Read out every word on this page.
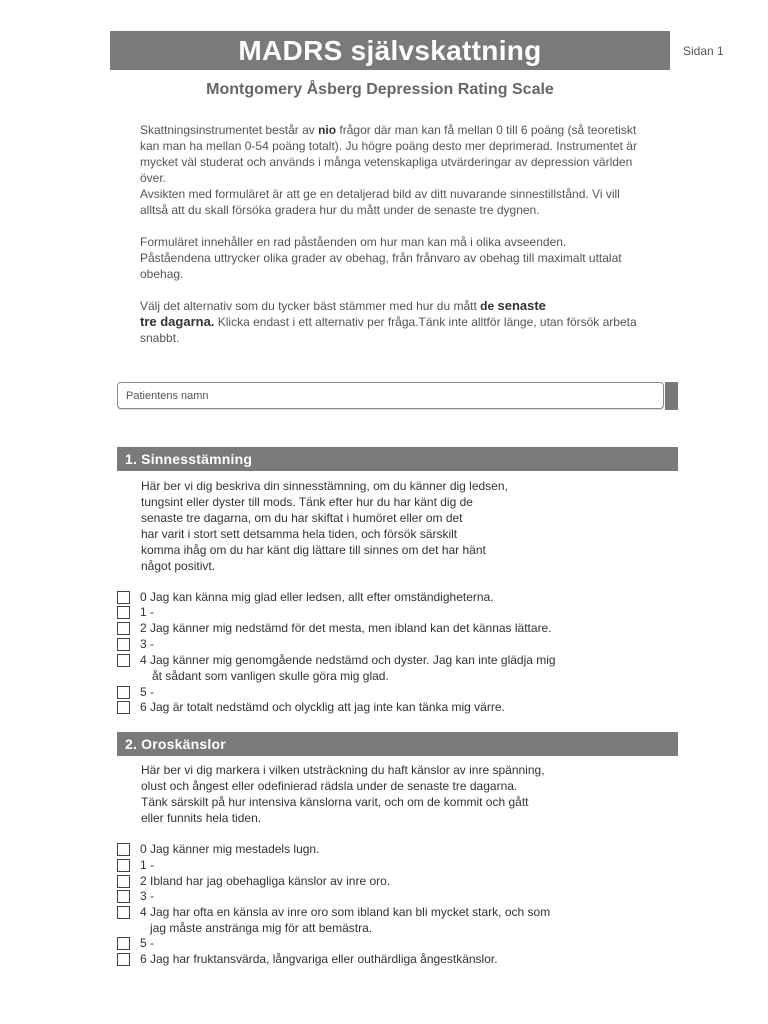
MADRS självskattning	Sidan 1
Montgomery Åsberg Depression Rating Scale

Skattningsinstrumentet består av nio frågor där man kan få mellan 0 till 6 poäng (så teoretiskt kan man ha mellan 0-54 poäng totalt). Ju högre poäng desto mer deprimerad. Instrumentet är mycket väl studerat och används i många vetenskapliga utvärderingar av depression världen över.

Avsikten med formuläret är att ge en detaljerad bild av ditt nuvarande sinnestillstånd. Vi vill alltså att du skall försöka gradera hur du mått under de senaste tre dygnen.

Formuläret innehåller en rad påståenden om hur man kan må i olika avseenden. Påståendena uttrycker olika grader av obehag, från frånvaro av obehag till maximalt uttalat obehag.

Välj det alternativ som du tycker bäst stämmer med hur du mått de senaste
tre dagarna. Klicka endast i ett alternativ per fråga.Tänk inte alltför länge, utan försök arbeta snabbt.

Patientens namn
1. Sinnesstämning
Här ber vi dig beskriva din sinnesstämning, om du känner dig ledsen,
tungsint eller dyster till mods. Tänk efter hur du har känt dig de
senaste tre dagarna, om du har skiftat i humöret eller om det
har varit i stort sett detsamma hela tiden, och försök särskilt
komma ihåg om du har känt dig lättare till sinnes om det har hänt
något positivt.
0 Jag kan känna mig glad eller ledsen, allt efter omständigheterna.
1 -
2 Jag känner mig nedstämd för det mesta, men ibland kan det kännas lättare.
3 -
4 Jag känner mig genomgående nedstämd och dyster. Jag kan inte glädja mig
åt sådant som vanligen skulle göra mig glad.
5 -
6 Jag är totalt nedstämd och olycklig att jag inte kan tänka mig värre.
2. Oroskänslor
Här ber vi dig markera i vilken utsträckning du haft känslor av inre spänning,
olust och ångest eller odefinierad rädsla under de senaste tre dagarna.
Tänk särskilt på hur intensiva känslorna varit, och om de kommit och gått
eller funnits hela tiden.
0 Jag känner mig mestadels lugn.
1 -
2 Ibland har jag obehagliga känslor av inre oro.
3 -
4 Jag har ofta en känsla av inre oro som ibland kan bli mycket stark, och som
jag måste anstränga mig för att bemästra.
5 -
6 Jag har fruktansvärda, långvariga eller outhärdliga ångestkänslor.
